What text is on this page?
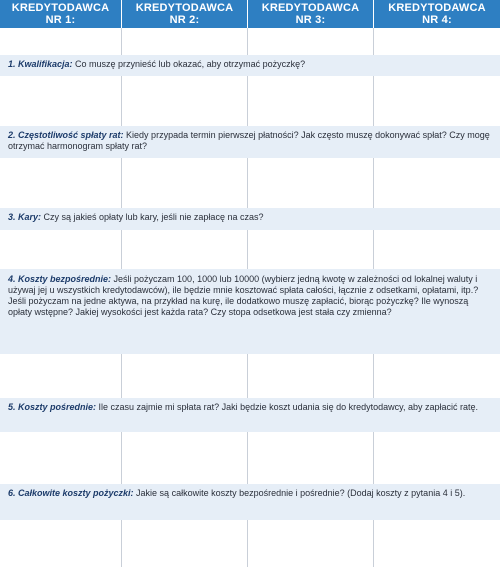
KREDYTODAWCA
NR 1:
KREDYTODAWCA
NR 2:
KREDYTODAWCA
NR 3:
KREDYTODAWCA
NR 4:
1. Kwalifikacja: Co muszę przynieść lub okazać, aby otrzymać pożyczkę?
2. Częstotliwość spłaty rat: Kiedy przypada termin pierwszej płatności? Jak często muszę dokonywać spłat? Czy mogę otrzymać harmonogram spłaty rat?
3. Kary: Czy są jakieś opłaty lub kary, jeśli nie zapłacę na czas?
4. Koszty bezpośrednie: Jeśli pożyczam 100, 1000 lub 10000 (wybierz jedną kwotę w zależności od lokalnej waluty i używaj jej u wszystkich kredytodawców), ile będzie mnie kosztować spłata całości, łącznie z odsetkami, opłatami, itp.? Jeśli pożyczam na jedne aktywa, na przykład na kurę, ile dodatkowo muszę zapłacić, biorąc pożyczkę? Ile wynoszą opłaty wstępne? Jakiej wysokości jest każda rata? Czy stopa odsetkowa jest stała czy zmienna?
5. Koszty pośrednie: Ile czasu zajmie mi spłata rat? Jaki będzie koszt udania się do kredytodawcy, aby zapłacić ratę.
6. Całkowite koszty pożyczki: Jakie są całkowite koszty bezpośrednie i pośrednie? (Dodaj koszty z pytania 4 i 5).
